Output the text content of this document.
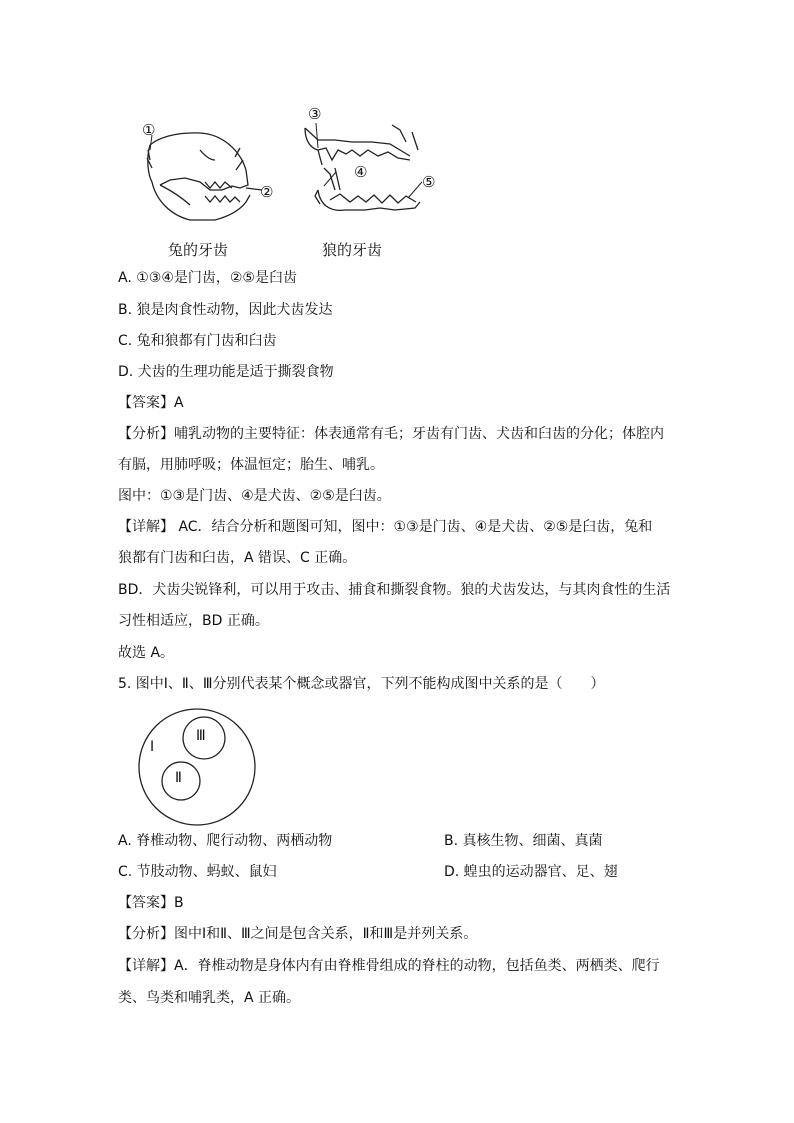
①
②
③
④
⑤
兔的牙齿	狼的牙齿
A. ①③④是门齿，②⑤是臼齿
B. 狼是肉食性动物，因此犬齿发达
C. 兔和狼都有门齿和臼齿
D. 犬齿的生理功能是适于撕裂食物
【答案】A
【分析】哺乳动物的主要特征：体表通常有毛；牙齿有门齿、犬齿和臼齿的分化；体腔内
有膈，用肺呼吸；体温恒定；胎生、哺乳。
图中：①③是门齿、④是犬齿、②⑤是臼齿。
【详解】 AC．结合分析和题图可知，图中：①③是门齿、④是犬齿、②⑤是臼齿，兔和
狼都有门齿和臼齿，A 错误、C 正确。
BD．犬齿尖锐锋利，可以用于攻击、捕食和撕裂食物。狼的犬齿发达，与其肉食性的生活
习性相适应，BD 正确。
故选 A。
5. 图中Ⅰ、Ⅱ、Ⅲ分别代表某个概念或器官，下列不能构成图中关系的是（　　）
Ⅰ
Ⅲ
Ⅱ
A. 脊椎动物、爬行动物、两栖动物	B. 真核生物、细菌、真菌
C. 节肢动物、蚂蚁、鼠妇	D. 蝗虫的运动器官、足、翅
【答案】B
【分析】图中Ⅰ和Ⅱ、Ⅲ之间是包含关系，Ⅱ和Ⅲ是并列关系。
【详解】A．脊椎动物是身体内有由脊椎骨组成的脊柱的动物，包括鱼类、两栖类、爬行
类、鸟类和哺乳类，A 正确。
